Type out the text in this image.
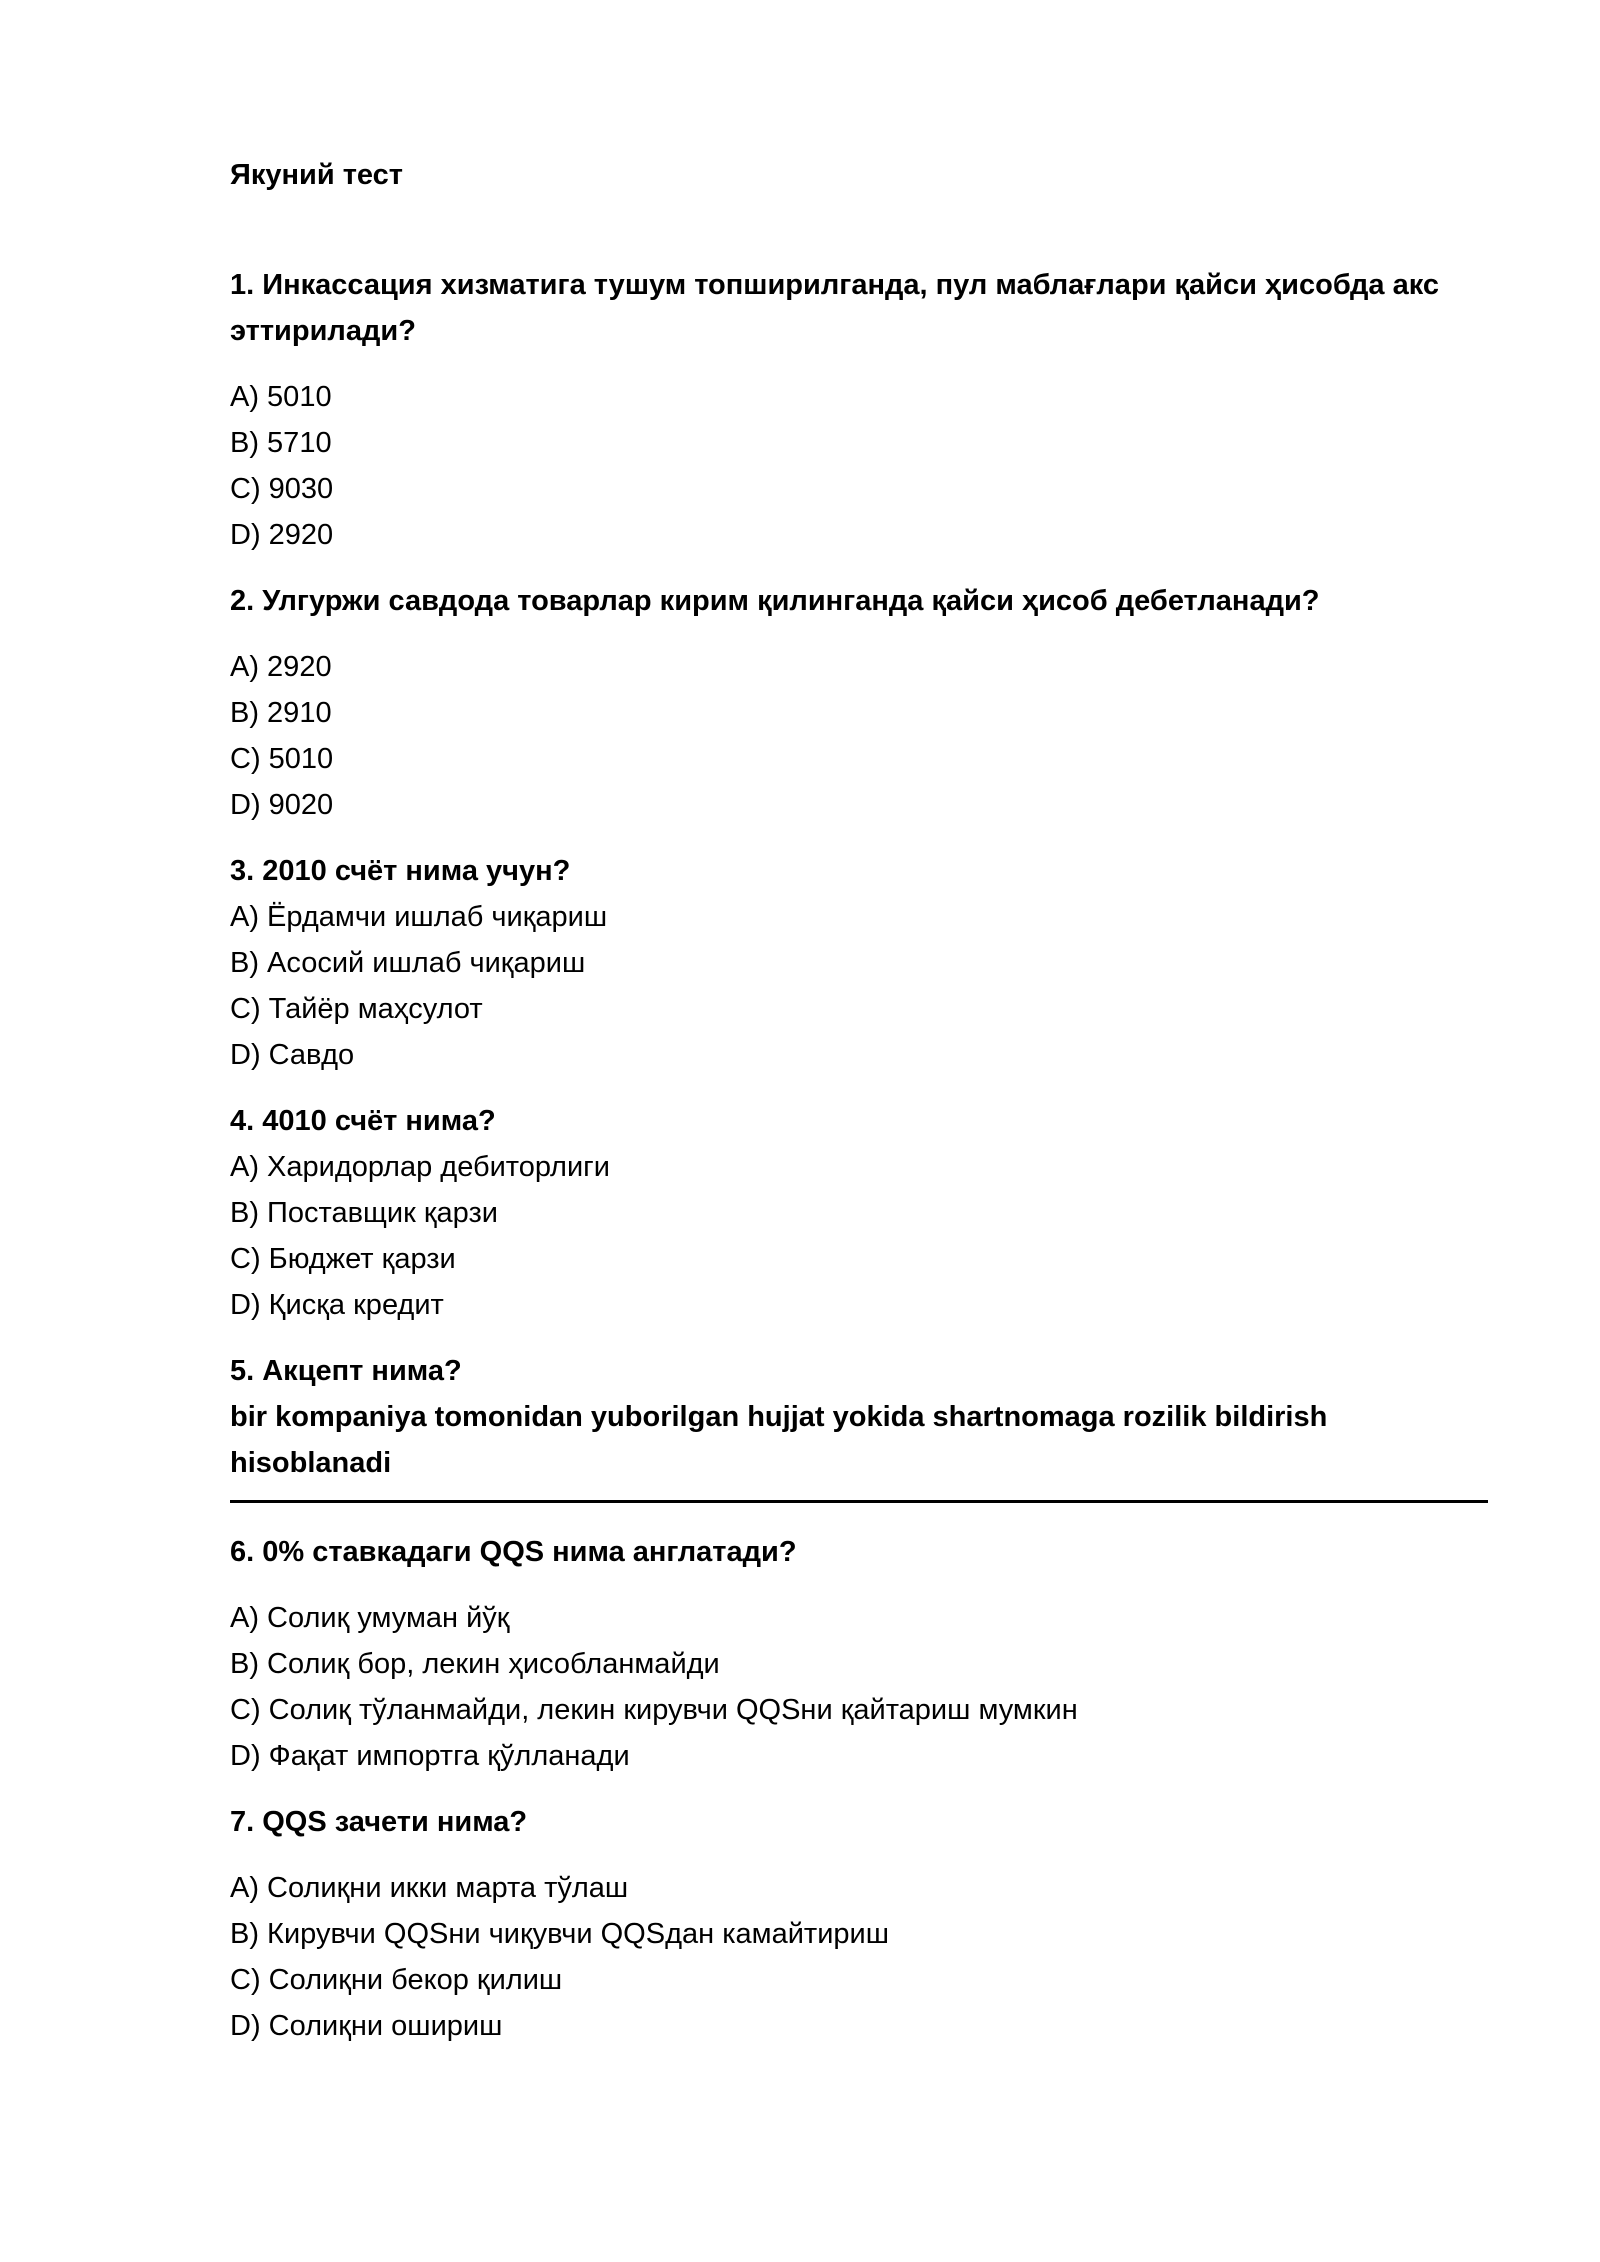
Якуний тест

1. Инкассация хизматига тушум топширилганда, пул маблағлари қайси ҳисобда акс эттирилади?

A) 5010
B) 5710
C) 9030
D) 2920

2. Улгуржи савдода товарлар кирим қилинганда қайси ҳисоб дебетланади?

A) 2920
B) 2910
C) 5010
D) 9020

3. 2010 счёт нима учун?

A) Ёрдамчи ишлаб чиқариш
B) Асосий ишлаб чиқариш
C) Тайёр маҳсулот
D) Савдо

4. 4010 счёт нима?

A) Харидорлар дебиторлиги
B) Поставщик қарзи
C) Бюджет қарзи
D) Қисқа кредит

5. Акцепт нима?

bir kompaniya tomonidan yuborilgan hujjat yokida shartnomaga rozilik bildirish hisoblanadi

6. 0% ставкадаги QQS нима англатади?

A) Солиқ умуман йўқ
B) Солиқ бор, лекин ҳисобланмайди
C) Солиқ тўланмайди, лекин кирувчи QQSни қайтариш мумкин
D) Фақат импортга қўлланади

7. QQS зачети нима?

A) Солиқни икки марта тўлаш
B) Кирувчи QQSни чиқувчи QQSдан камайтириш
C) Солиқни бекор қилиш
D) Солиқни ошириш
